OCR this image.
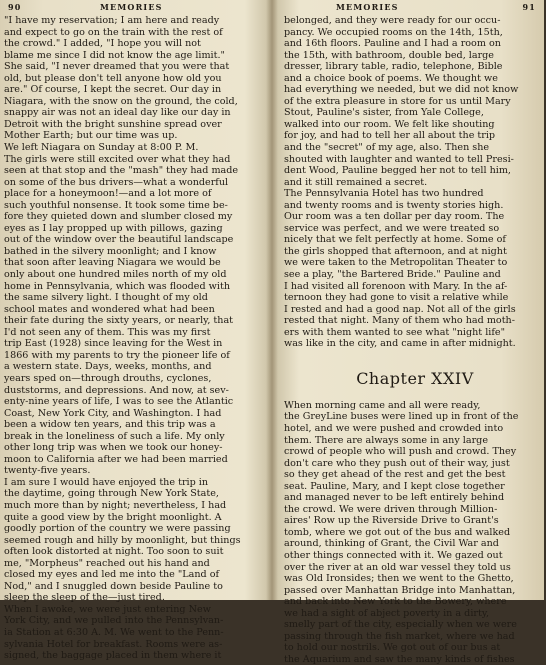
90	MEMORIES
"I have my reservation; I am here and ready
and expect to go on the train with the rest of
the crowd." I added, "I hope you will not
blame me since I did not know the age limit."
She said, "I never dreamed that you were that
old, but please don't tell anyone how old you
are." Of course, I kept the secret. Our day in
Niagara, with the snow on the ground, the cold,
snappy air was not an ideal day like our day in
Detroit with the bright sunshine spread over
Mother Earth; but our time was up.
We left Niagara on Sunday at 8:00 P. M.
The girls were still excited over what they had
seen at that stop and the "mash" they had made
on some of the bus drivers—what a wonderful
place for a honeymoon!—and a lot more of
such youthful nonsense. It took some time be-
fore they quieted down and slumber closed my
eyes as I lay propped up with pillows, gazing
out of the window over the beautiful landscape
bathed in the silvery moonlight; and I know
that soon after leaving Niagara we would be
only about one hundred miles north of my old
home in Pennsylvania, which was flooded with
the same silvery light. I thought of my old
school mates and wondered what had been
their fate during the sixty years, or nearly, that
I'd not seen any of them. This was my first
trip East (1928) since leaving for the West in
1866 with my parents to try the pioneer life of
a western state. Days, weeks, months, and
years sped on—through drouths, cyclones,
duststorms, and depressions. And now, at sev-
enty-nine years of life, I was to see the Atlantic
Coast, New York City, and Washington. I had
been a widow ten years, and this trip was a
break in the loneliness of such a life. My only
other long trip was when we took our honey-
moon to California after we had been married
twenty-five years.
I am sure I would have enjoyed the trip in
the daytime, going through New York State,
much more than by night; nevertheless, I had
quite a good view by the bright moonlight. A
goodly portion of the country we were passing
seemed rough and hilly by moonlight, but things
often look distorted at night. Too soon to suit
me, "Morpheus" reached out his hand and
closed my eyes and led me into the "Land of
Nod," and I snuggled down beside Pauline to
sleep the sleep of the—just tired.
When I awoke, we were just entering New
York City, and we pulled into the Pennsylvan-
ia Station at 6:30 A. M. We went to the Penn-
sylvania Hotel for breakfast. Rooms were as-
signed, the baggage placed in them where it
MEMORIES	91
belonged, and they were ready for our occu-
pancy. We occupied rooms on the 14th, 15th,
and 16th floors. Pauline and I had a room on
the 15th, with bathroom, double bed, large
dresser, library table, radio, telephone, Bible
and a choice book of poems. We thought we
had everything we needed, but we did not know
of the extra pleasure in store for us until Mary
Stout, Pauline's sister, from Yale College,
walked into our room. We felt like shouting
for joy, and had to tell her all about the trip
and the "secret" of my age, also. Then she
shouted with laughter and wanted to tell Presi-
dent Wood, Pauline begged her not to tell him,
and it still remained a secret.
The Pennsylvania Hotel has two hundred
and twenty rooms and is twenty stories high.
Our room was a ten dollar per day room. The
service was perfect, and we were treated so
nicely that we felt perfectly at home. Some of
the girls shopped that afternoon, and at night
we were taken to the Metropolitan Theater to
see a play, "the Bartered Bride." Pauline and
I had visited all forenoon with Mary. In the af-
ternoon they had gone to visit a relative while
I rested and had a good nap. Not all of the girls
rested that night. Many of them who had moth-
ers with them wanted to see what "night life"
was like in the city, and came in after midnight.
Chapter XXIV
When morning came and all were ready,
the GreyLine buses were lined up in front of the
hotel, and we were pushed and crowded into
them. There are always some in any large
crowd of people who will push and crowd. They
don't care who they push out of their way, just
so they get ahead of the rest and get the best
seat. Pauline, Mary, and I kept close together
and managed never to be left entirely behind
the crowd. We were driven through Million-
aires' Row up the Riverside Drive to Grant's
tomb, where we got out of the bus and walked
around, thinking of Grant, the Civil War and
other things connected with it. We gazed out
over the river at an old war vessel they told us
was Old Ironsides; then we went to the Ghetto,
passed over Manhattan Bridge into Manhattan,
and back into New York to the Bowery, where
we had a sight of abject poverty in a dirty,
smelly part of the city, especially when we were
passing through the fish market, where we had
to hold our nostrils. We got out of our bus at
the Aquarium and saw the many kinds of fishes
